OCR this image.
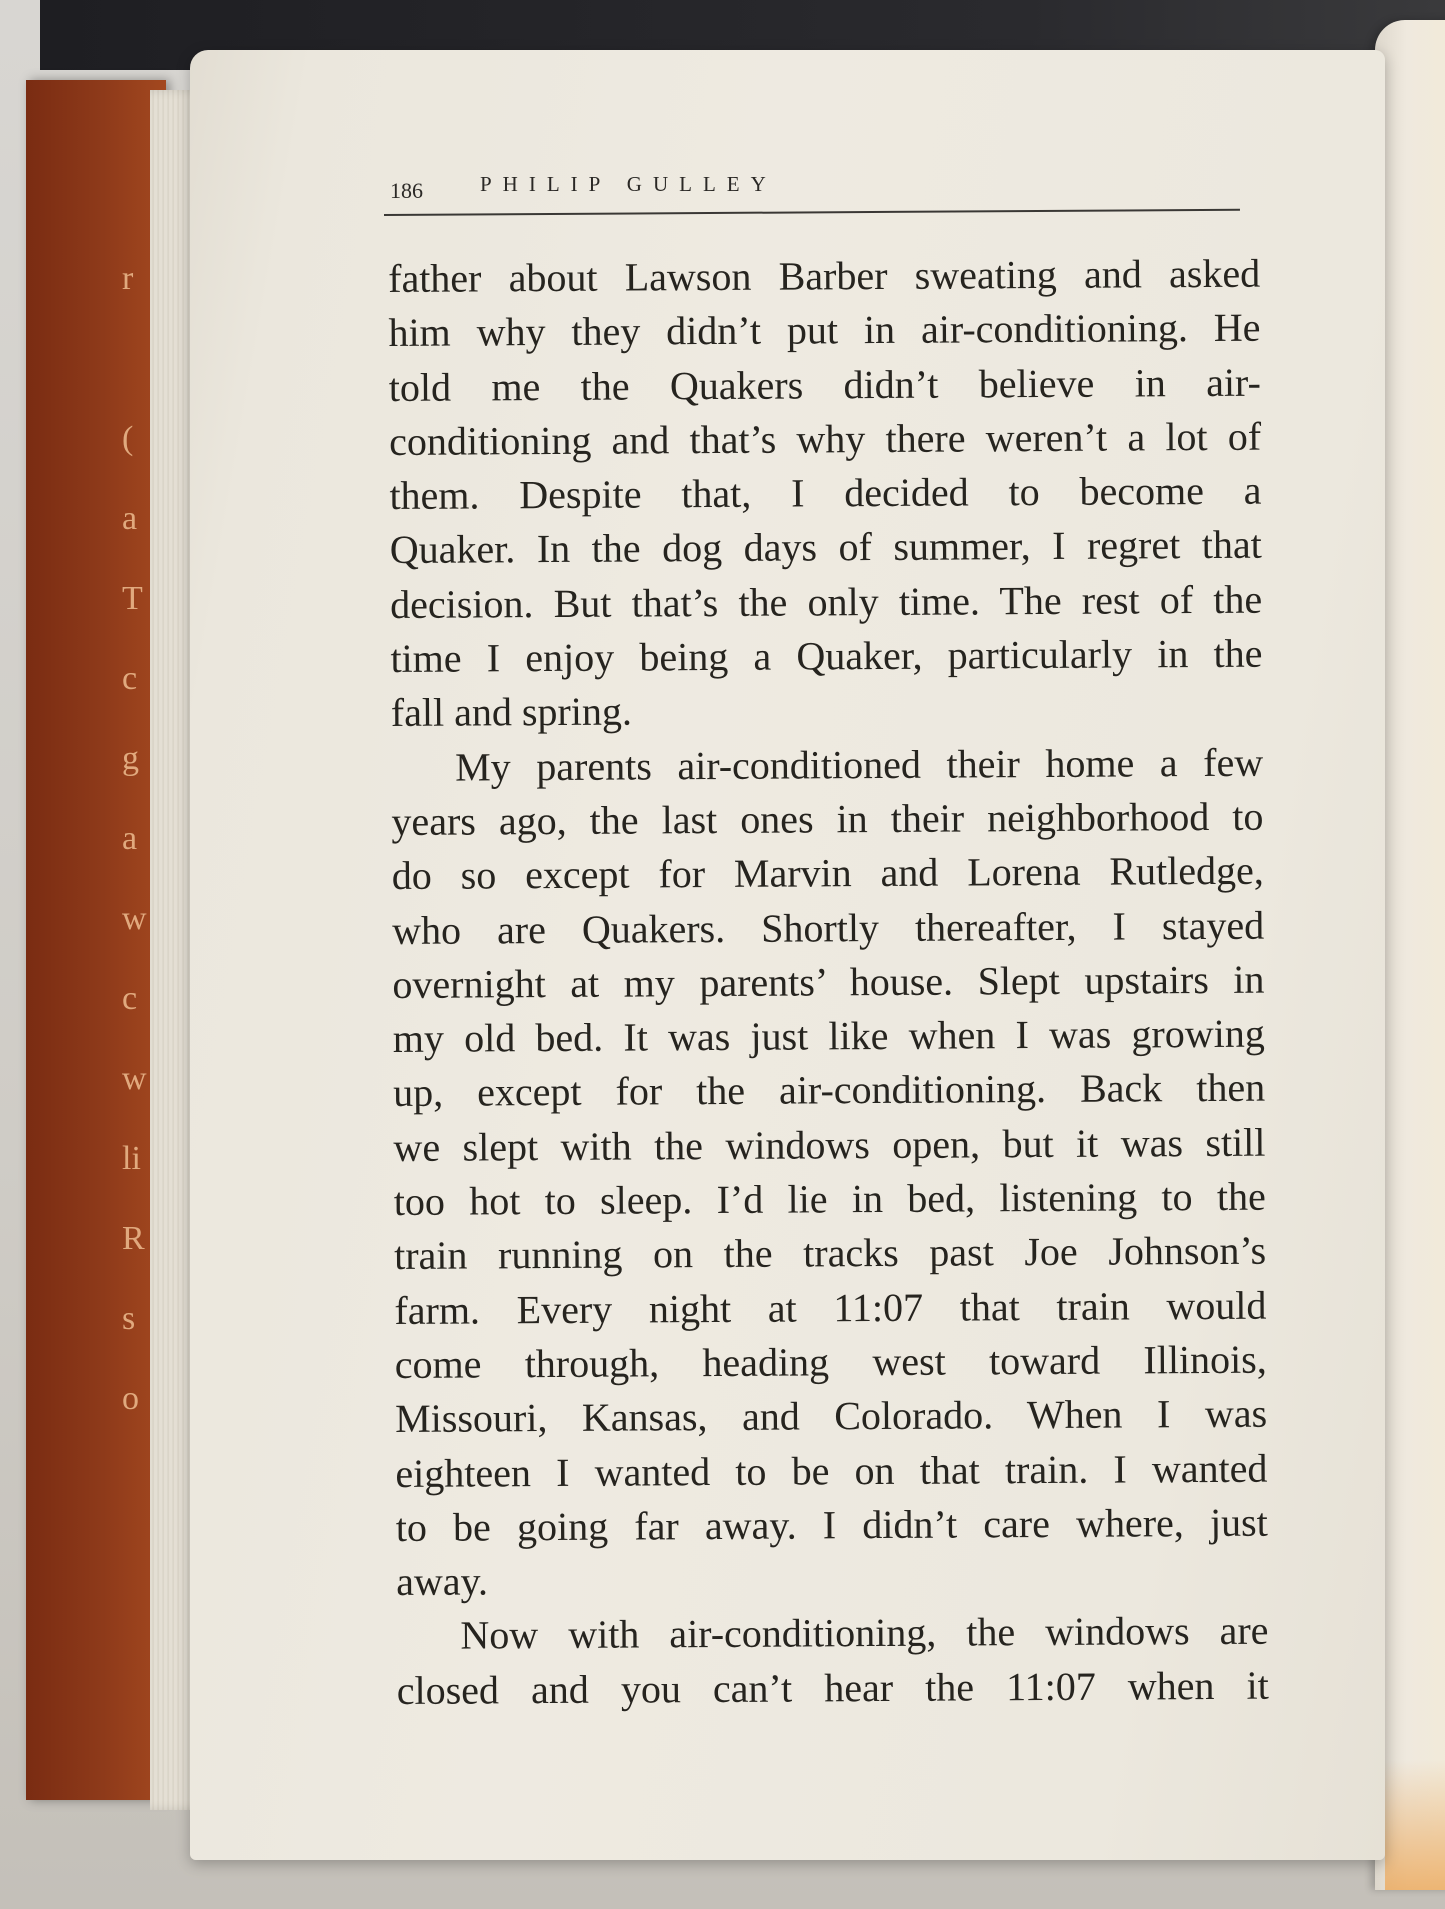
r
(
a
T
c
g
a
w
c
w
li
R
s
o
186	PHILIP GULLEY
father about Lawson Barber sweating and asked
him why they didn’t put in air-conditioning. He
told me the Quakers didn’t believe in air-
conditioning and that’s why there weren’t a lot of
them. Despite that, I decided to become a
Quaker. In the dog days of summer, I regret that
decision. But that’s the only time. The rest of the
time I enjoy being a Quaker, particularly in the
fall and spring.
My parents air-conditioned their home a few
years ago, the last ones in their neighborhood to
do so except for Marvin and Lorena Rutledge,
who are Quakers. Shortly thereafter, I stayed
overnight at my parents’ house. Slept upstairs in
my old bed. It was just like when I was growing
up, except for the air-conditioning. Back then
we slept with the windows open, but it was still
too hot to sleep. I’d lie in bed, listening to the
train running on the tracks past Joe Johnson’s
farm. Every night at 11:07 that train would
come through, heading west toward Illinois,
Missouri, Kansas, and Colorado. When I was
eighteen I wanted to be on that train. I wanted
to be going far away. I didn’t care where, just
away.
Now with air-conditioning, the windows are
closed and you can’t hear the 11:07 when it
